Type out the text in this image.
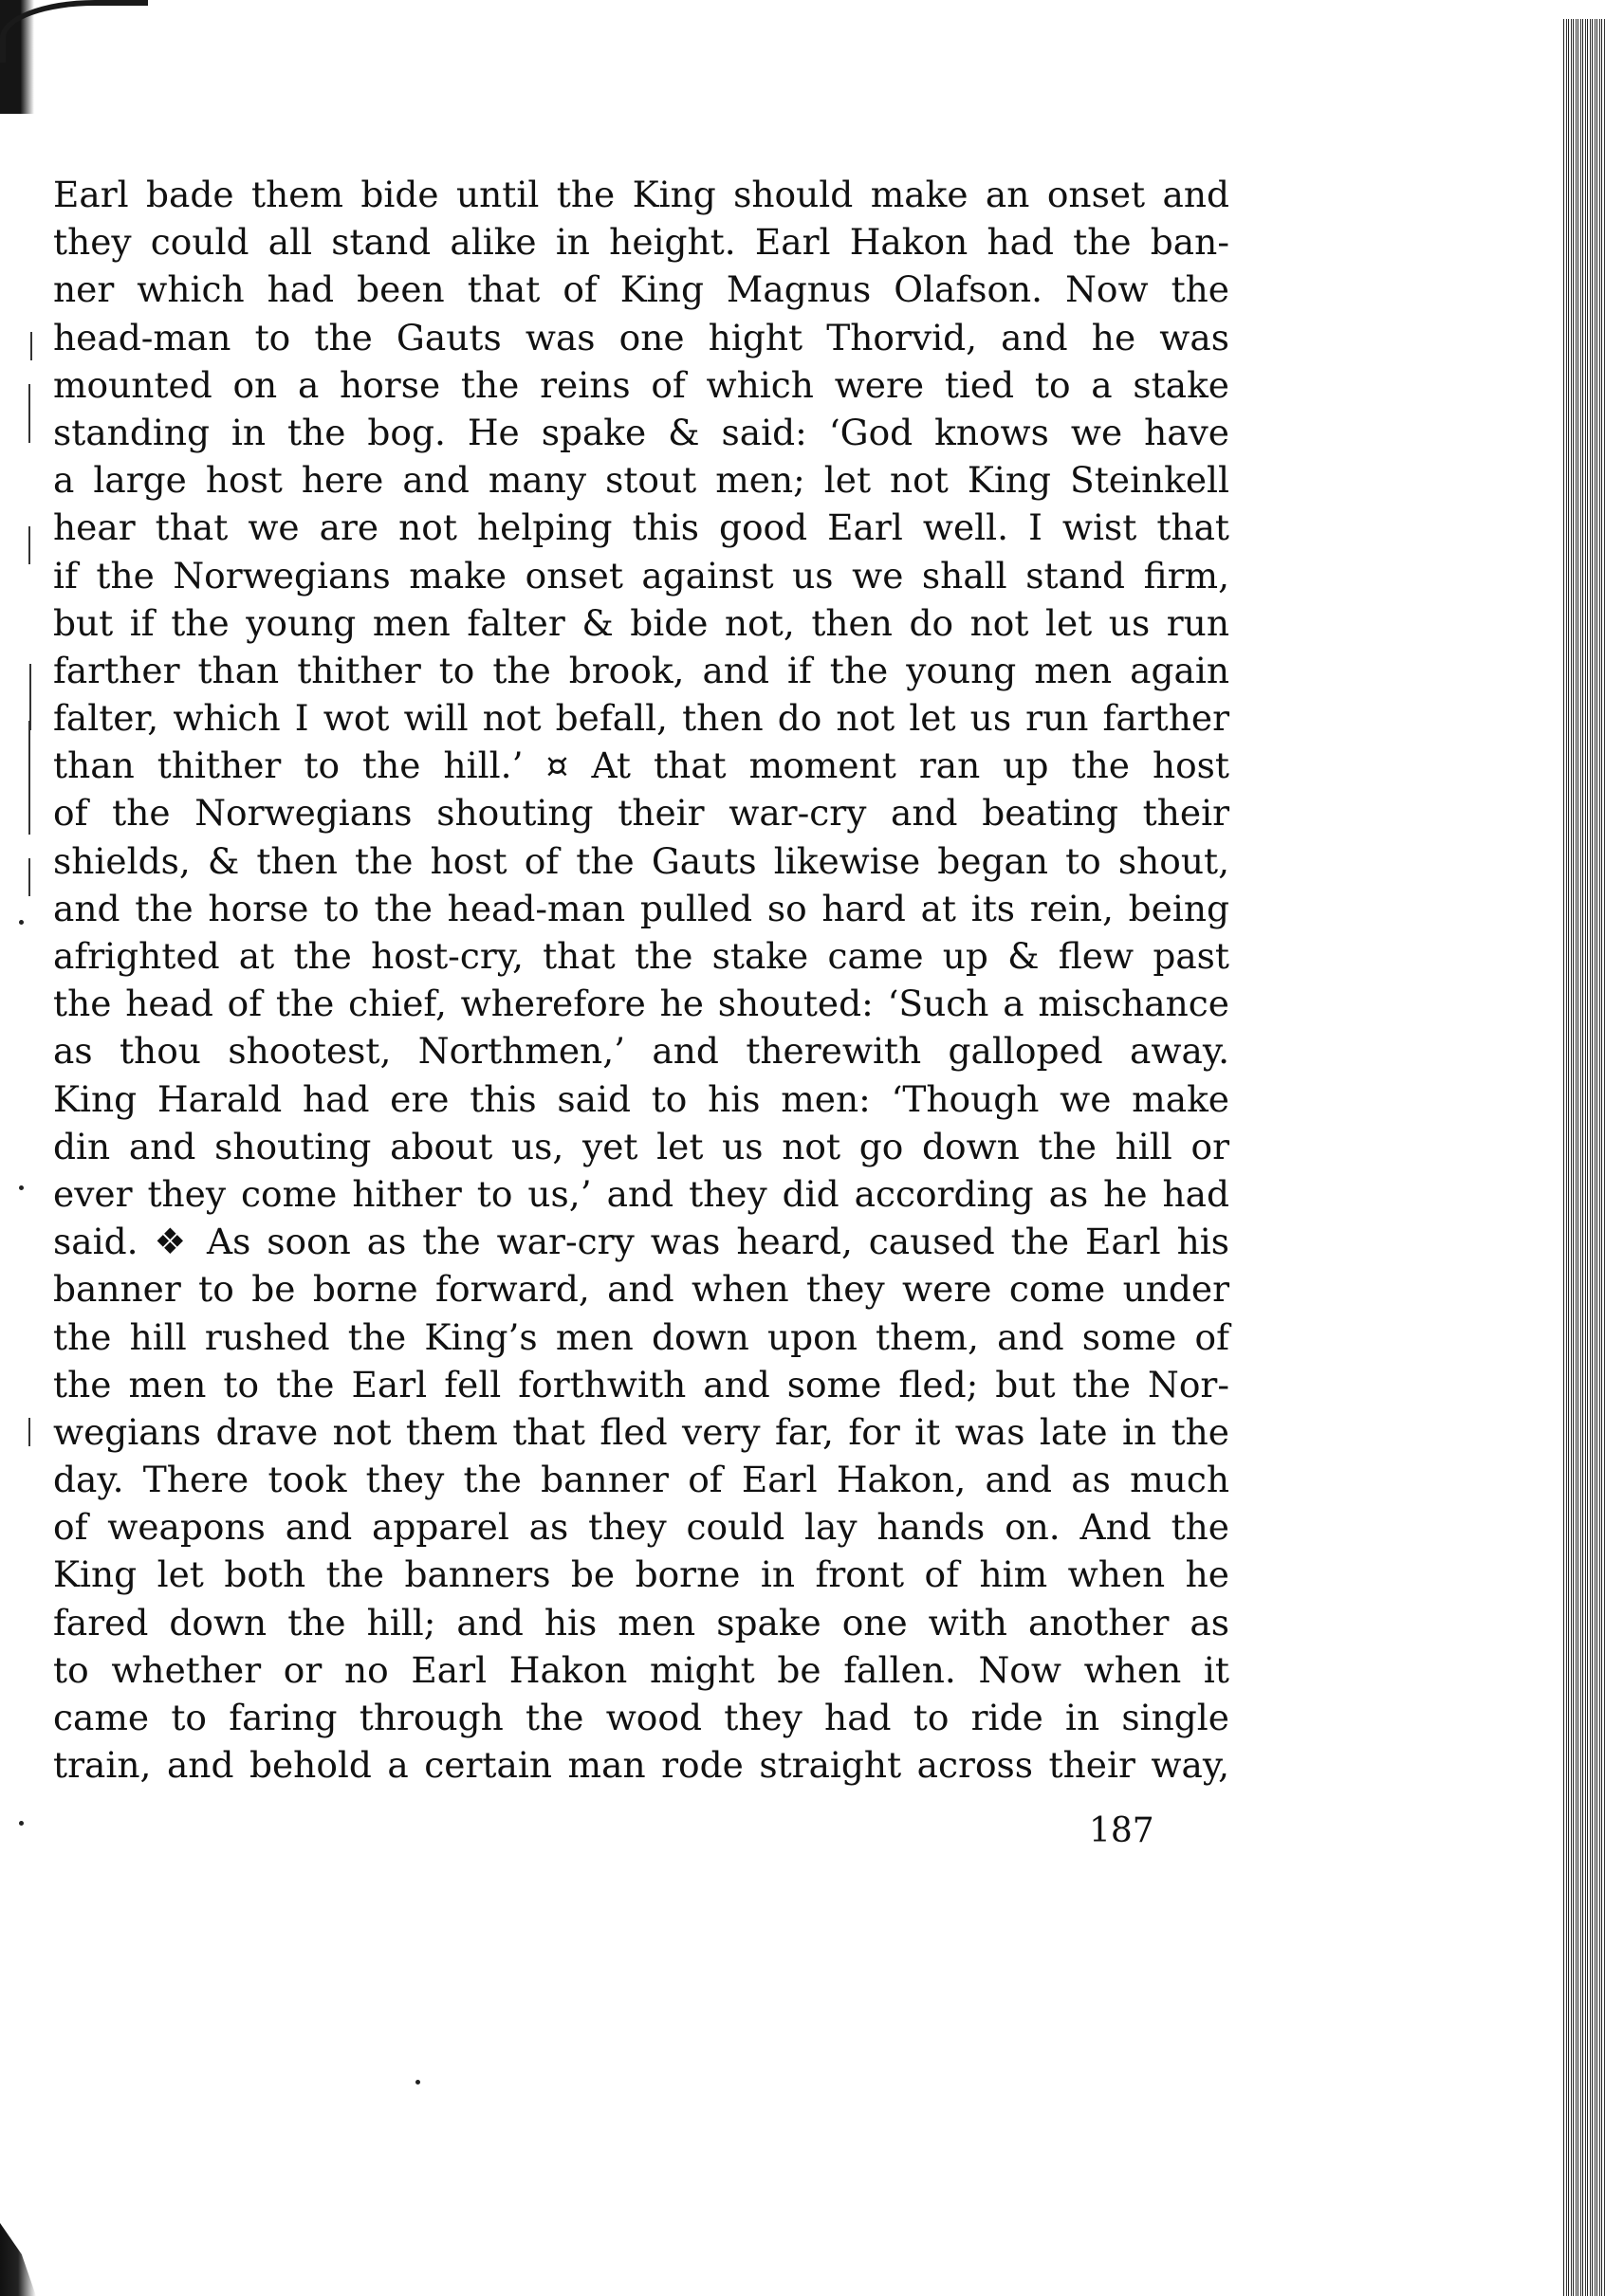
Earl bade them bide until the King should make an onset and
they could all stand alike in height. Earl Hakon had the ban-
ner which had been that of King Magnus Olafson. Now the
head-man to the Gauts was one hight Thorvid, and he was
mounted on a horse the reins of which were tied to a stake
standing in the bog. He spake & said: ‘God knows we have
a large host here and many stout men; let not King Steinkell
hear that we are not helping this good Earl well. I wist that
if the Norwegians make onset against us we shall stand firm,
but if the young men falter & bide not, then do not let us run
farther than thither to the brook, and if the young men again
falter, which I wot will not befall, then do not let us run farther
than thither to the hill.’ ¤ At that moment ran up the host
of the Norwegians shouting their war-cry and beating their
shields, & then the host of the Gauts likewise began to shout,
and the horse to the head-man pulled so hard at its rein, being
afrighted at the host-cry, that the stake came up & flew past
the head of the chief, wherefore he shouted: ‘Such a mischance
as thou shootest, Northmen,’ and therewith galloped away.
King Harald had ere this said to his men: ‘Though we make
din and shouting about us, yet let us not go down the hill or
ever they come hither to us,’ and they did according as he had
said. ❖ As soon as the war-cry was heard, caused the Earl his
banner to be borne forward, and when they were come under
the hill rushed the King’s men down upon them, and some of
the men to the Earl fell forthwith and some fled; but the Nor-
wegians drave not them that fled very far, for it was late in the
day. There took they the banner of Earl Hakon, and as much
of weapons and apparel as they could lay hands on. And the
King let both the banners be borne in front of him when he
fared down the hill; and his men spake one with another as
to whether or no Earl Hakon might be fallen. Now when it
came to faring through the wood they had to ride in single
train, and behold a certain man rode straight across their way,
187
